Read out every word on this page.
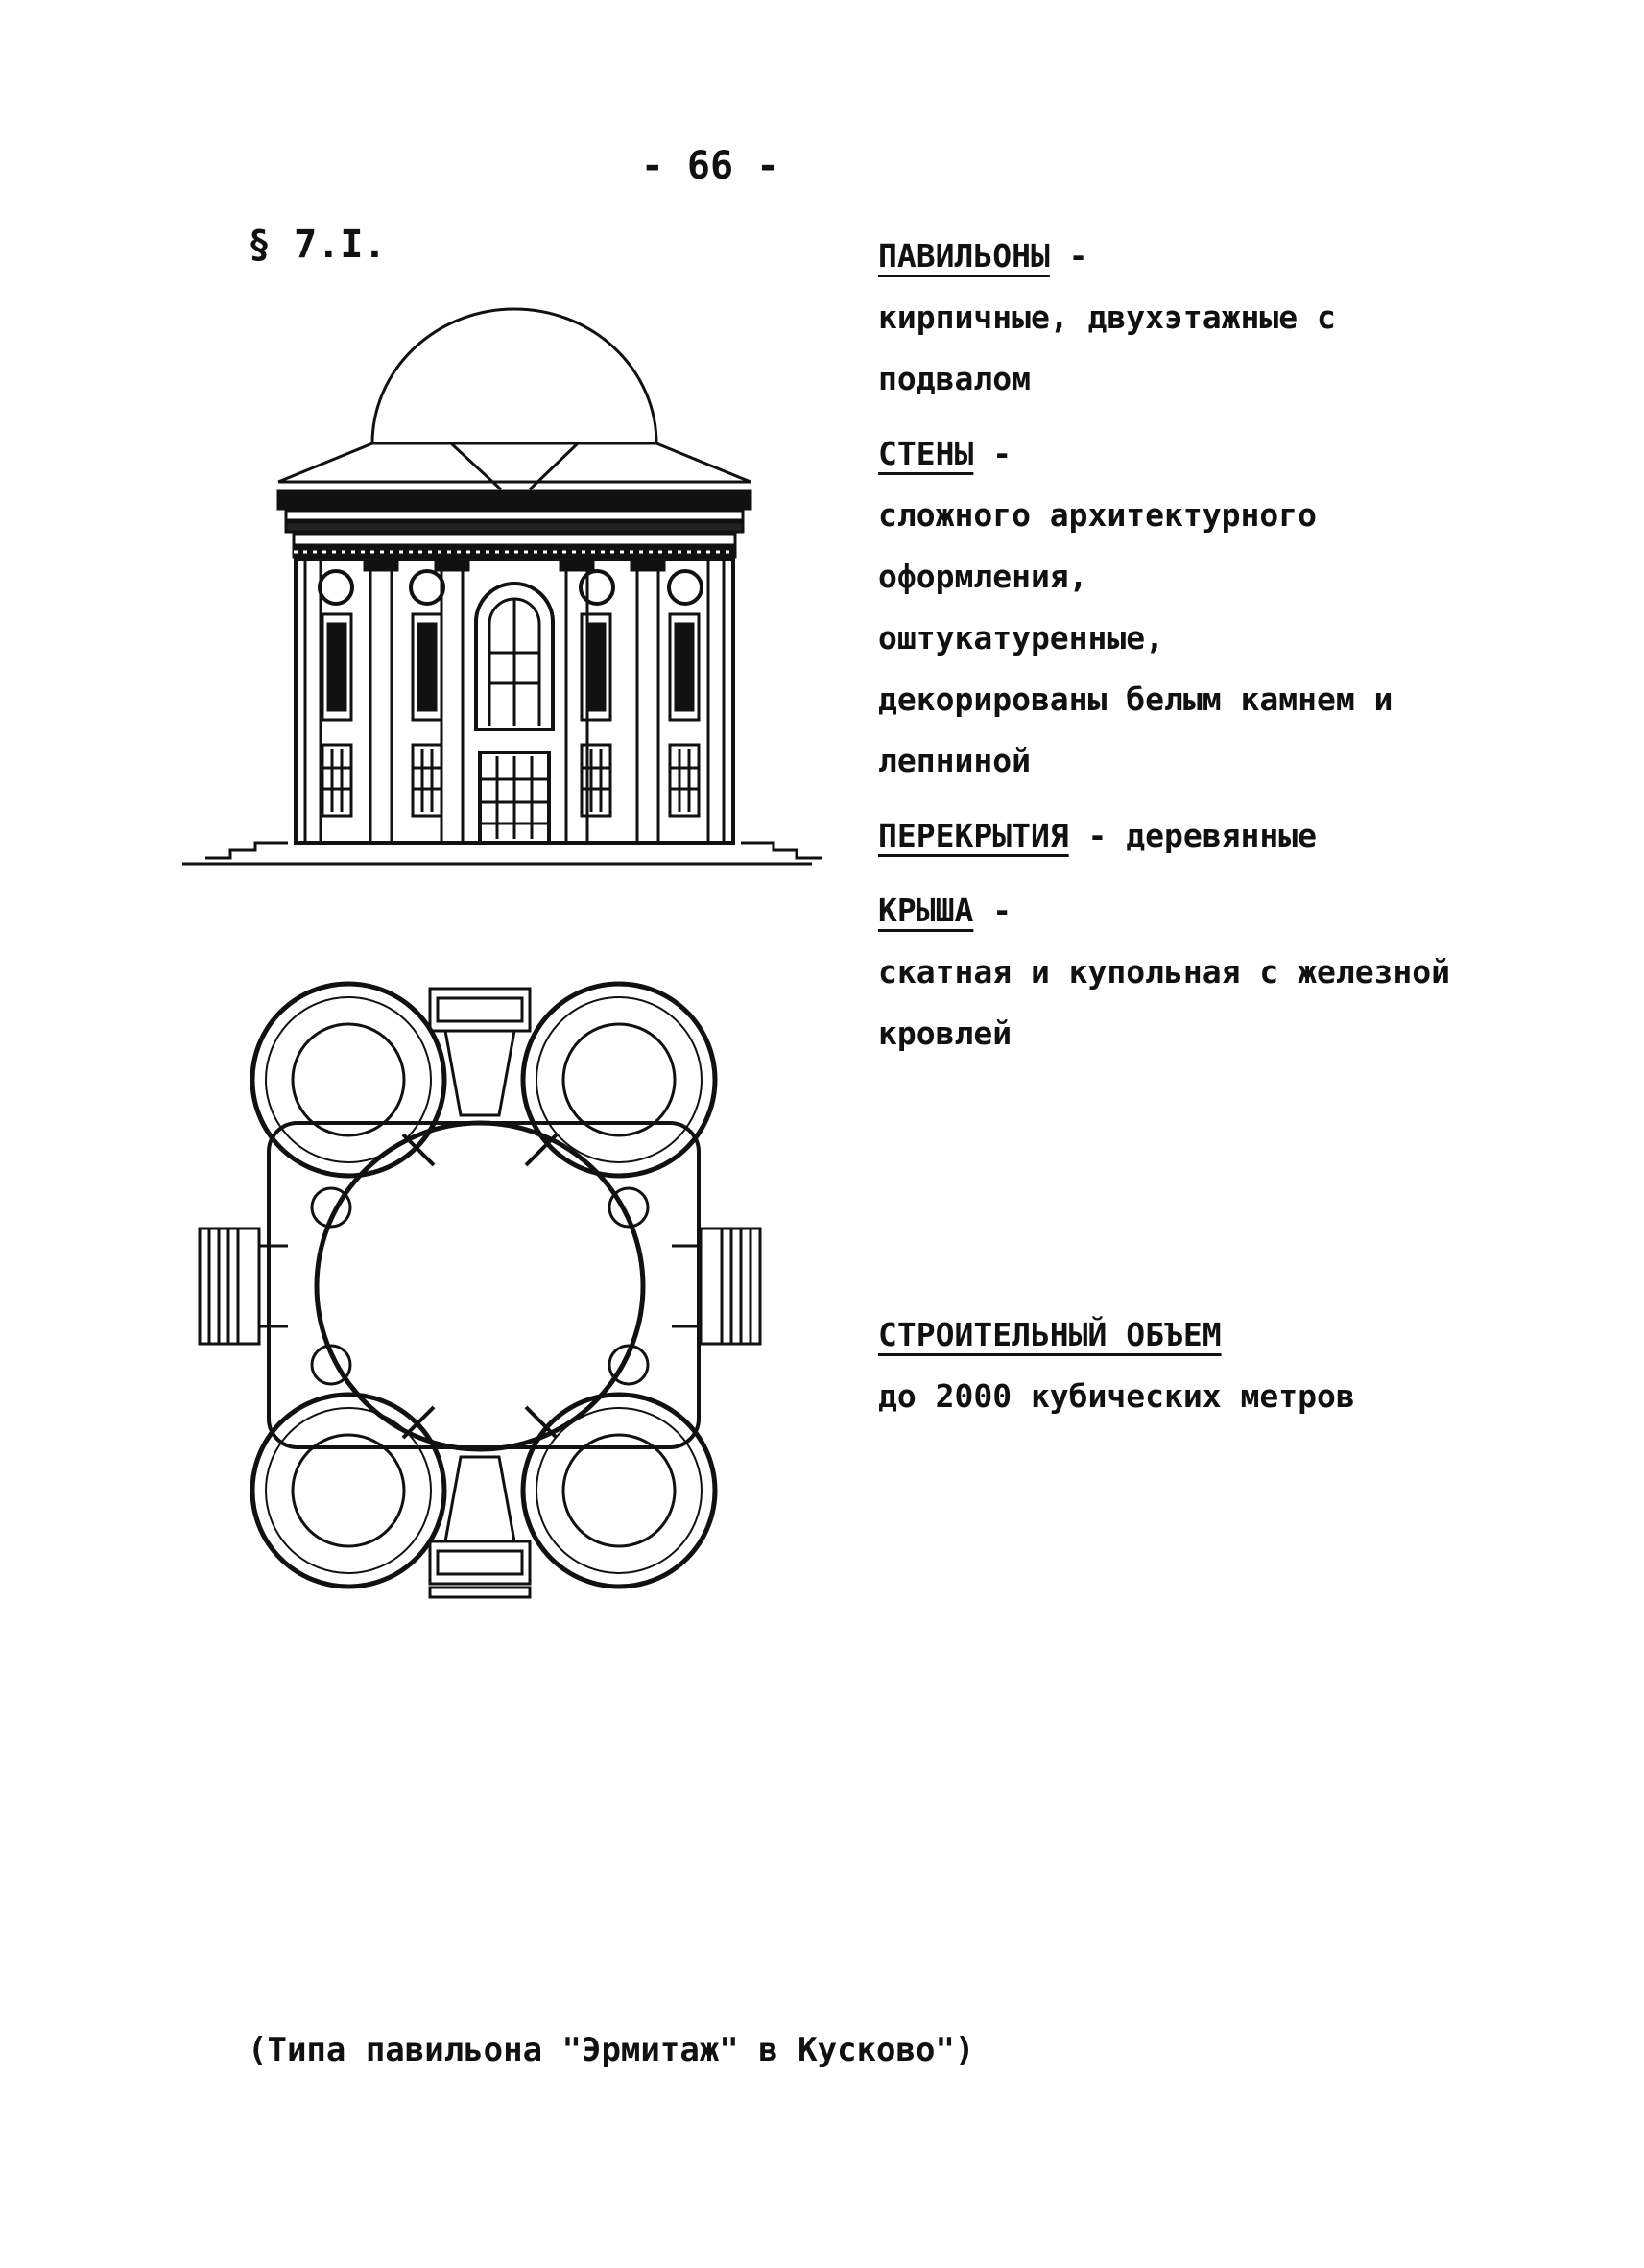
- 66 -
§ 7.I.	ПАВИЛЬОНЫ -
кирпичные, двухэтажные с
подвалом
СТЕНЫ -
сложного архитектурного
оформления,
оштукатуренные,
декорированы белым камнем и
лепниной
ПЕРЕКРЫТИЯ - деревянные
КРЫША -
скатная и купольная с железной
кровлей
СТРОИТЕЛЬНЫЙ ОБЪЕМ
до 2000 кубических метров
(Типа павильона "Эрмитаж" в Кусково")
